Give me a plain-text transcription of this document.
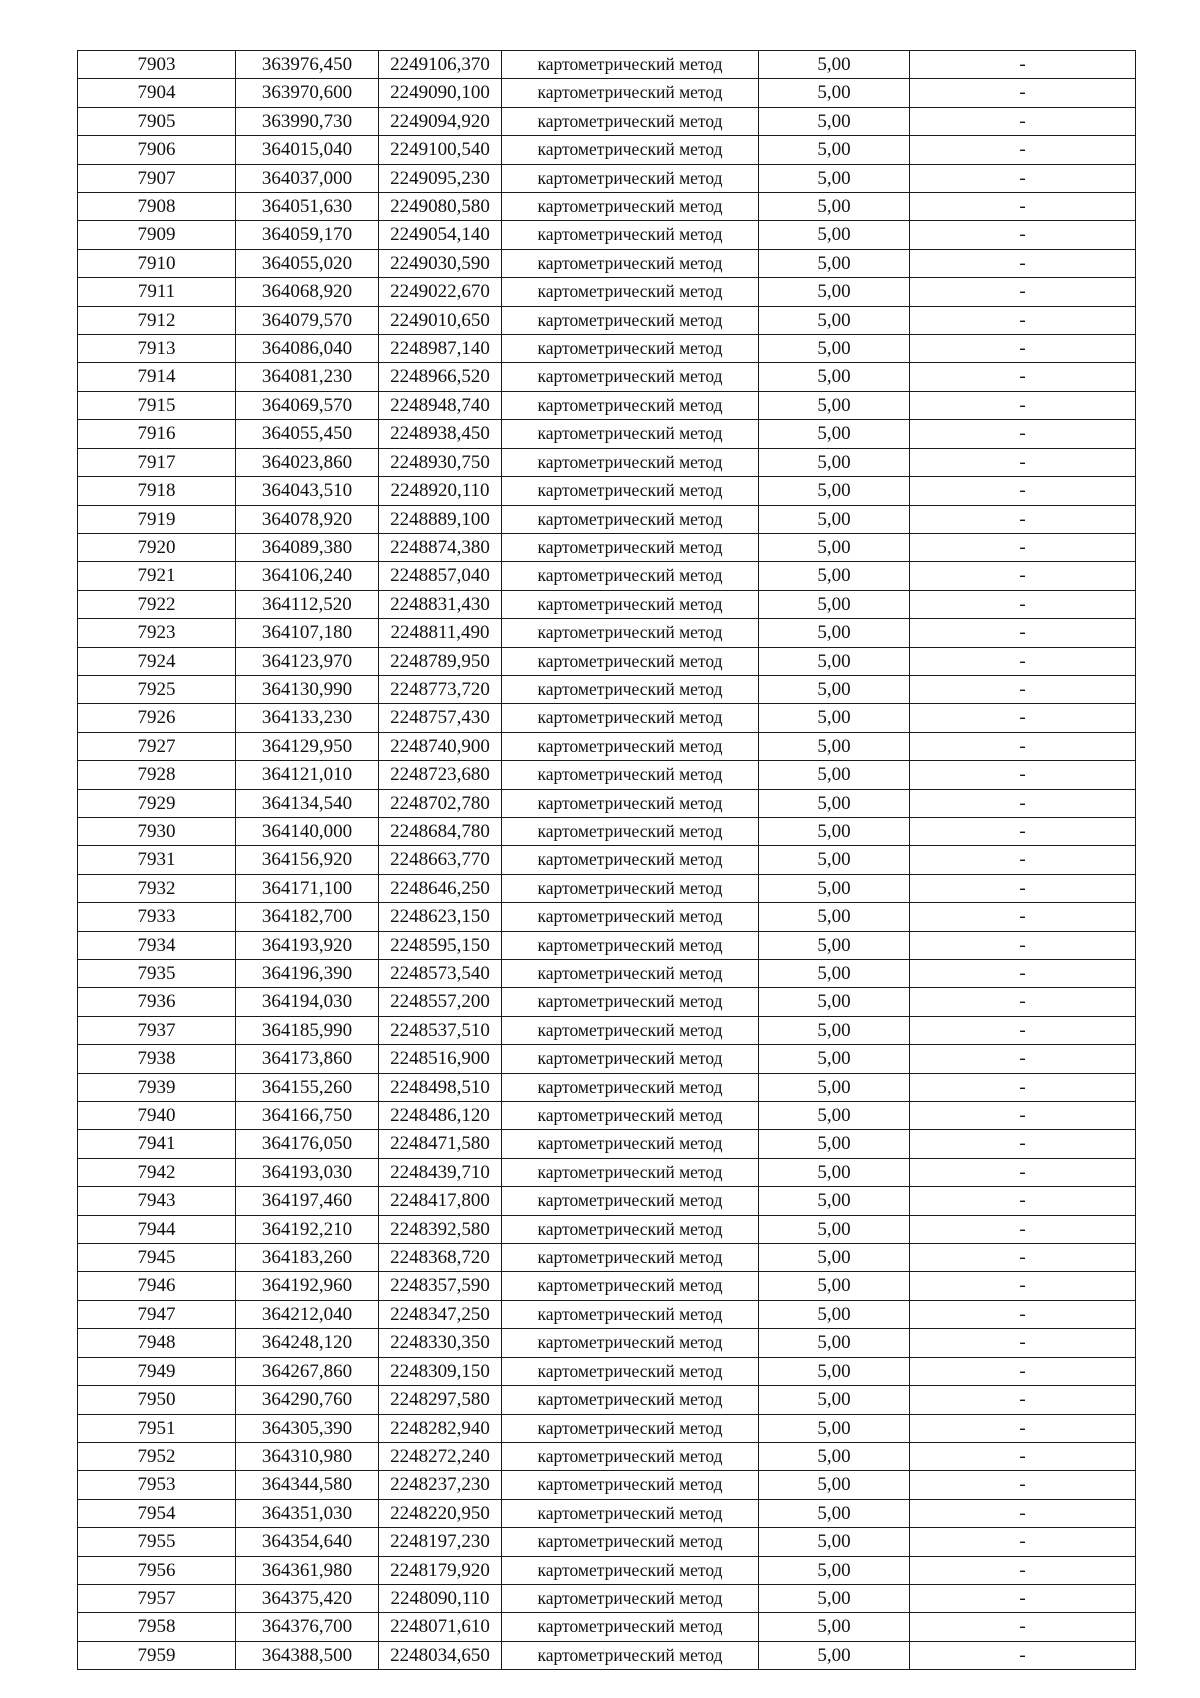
7903	363976,450	2249106,370	картометрический метод	5,00	-
7904	363970,600	2249090,100	картометрический метод	5,00	-
7905	363990,730	2249094,920	картометрический метод	5,00	-
7906	364015,040	2249100,540	картометрический метод	5,00	-
7907	364037,000	2249095,230	картометрический метод	5,00	-
7908	364051,630	2249080,580	картометрический метод	5,00	-
7909	364059,170	2249054,140	картометрический метод	5,00	-
7910	364055,020	2249030,590	картометрический метод	5,00	-
7911	364068,920	2249022,670	картометрический метод	5,00	-
7912	364079,570	2249010,650	картометрический метод	5,00	-
7913	364086,040	2248987,140	картометрический метод	5,00	-
7914	364081,230	2248966,520	картометрический метод	5,00	-
7915	364069,570	2248948,740	картометрический метод	5,00	-
7916	364055,450	2248938,450	картометрический метод	5,00	-
7917	364023,860	2248930,750	картометрический метод	5,00	-
7918	364043,510	2248920,110	картометрический метод	5,00	-
7919	364078,920	2248889,100	картометрический метод	5,00	-
7920	364089,380	2248874,380	картометрический метод	5,00	-
7921	364106,240	2248857,040	картометрический метод	5,00	-
7922	364112,520	2248831,430	картометрический метод	5,00	-
7923	364107,180	2248811,490	картометрический метод	5,00	-
7924	364123,970	2248789,950	картометрический метод	5,00	-
7925	364130,990	2248773,720	картометрический метод	5,00	-
7926	364133,230	2248757,430	картометрический метод	5,00	-
7927	364129,950	2248740,900	картометрический метод	5,00	-
7928	364121,010	2248723,680	картометрический метод	5,00	-
7929	364134,540	2248702,780	картометрический метод	5,00	-
7930	364140,000	2248684,780	картометрический метод	5,00	-
7931	364156,920	2248663,770	картометрический метод	5,00	-
7932	364171,100	2248646,250	картометрический метод	5,00	-
7933	364182,700	2248623,150	картометрический метод	5,00	-
7934	364193,920	2248595,150	картометрический метод	5,00	-
7935	364196,390	2248573,540	картометрический метод	5,00	-
7936	364194,030	2248557,200	картометрический метод	5,00	-
7937	364185,990	2248537,510	картометрический метод	5,00	-
7938	364173,860	2248516,900	картометрический метод	5,00	-
7939	364155,260	2248498,510	картометрический метод	5,00	-
7940	364166,750	2248486,120	картометрический метод	5,00	-
7941	364176,050	2248471,580	картометрический метод	5,00	-
7942	364193,030	2248439,710	картометрический метод	5,00	-
7943	364197,460	2248417,800	картометрический метод	5,00	-
7944	364192,210	2248392,580	картометрический метод	5,00	-
7945	364183,260	2248368,720	картометрический метод	5,00	-
7946	364192,960	2248357,590	картометрический метод	5,00	-
7947	364212,040	2248347,250	картометрический метод	5,00	-
7948	364248,120	2248330,350	картометрический метод	5,00	-
7949	364267,860	2248309,150	картометрический метод	5,00	-
7950	364290,760	2248297,580	картометрический метод	5,00	-
7951	364305,390	2248282,940	картометрический метод	5,00	-
7952	364310,980	2248272,240	картометрический метод	5,00	-
7953	364344,580	2248237,230	картометрический метод	5,00	-
7954	364351,030	2248220,950	картометрический метод	5,00	-
7955	364354,640	2248197,230	картометрический метод	5,00	-
7956	364361,980	2248179,920	картометрический метод	5,00	-
7957	364375,420	2248090,110	картометрический метод	5,00	-
7958	364376,700	2248071,610	картометрический метод	5,00	-
7959	364388,500	2248034,650	картометрический метод	5,00	-
